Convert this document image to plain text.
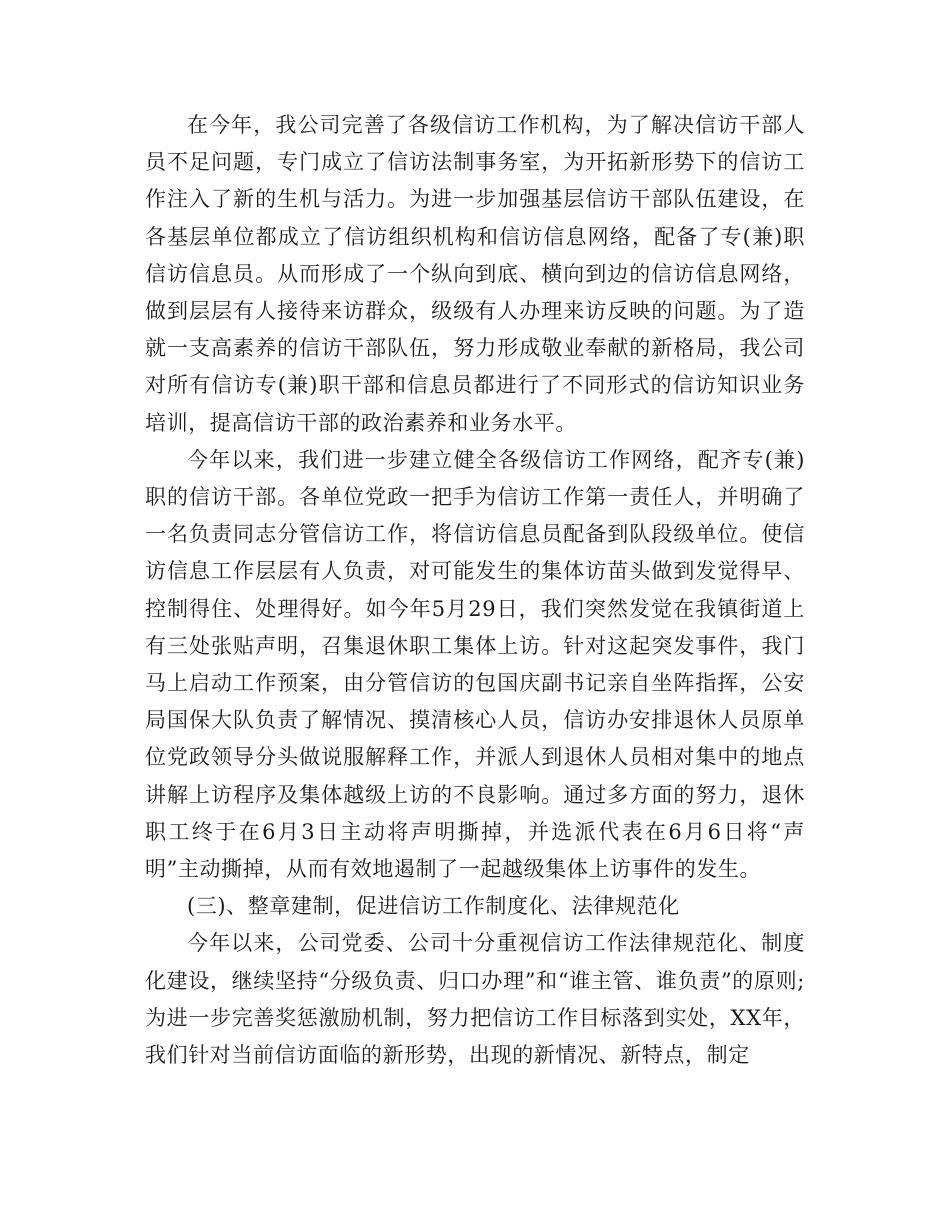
在今年，我公司完善了各级信访工作机构，为了解决信访干部人员不足问题，专门成立了信访法制事务室，为开拓新形势下的信访工作注入了新的生机与活力。为进一步加强基层信访干部队伍建设，在各基层单位都成立了信访组织机构和信访信息网络，配备了专(兼)职信访信息员。从而形成了一个纵向到底、横向到边的信访信息网络，做到层层有人接待来访群众，级级有人办理来访反映的问题。为了造就一支高素养的信访干部队伍，努力形成敬业奉献的新格局，我公司对所有信访专(兼)职干部和信息员都进行了不同形式的信访知识业务培训，提高信访干部的政治素养和业务水平。

今年以来，我们进一步建立健全各级信访工作网络，配齐专(兼)职的信访干部。各单位党政一把手为信访工作第一责任人，并明确了一名负责同志分管信访工作，将信访信息员配备到队段级单位。使信访信息工作层层有人负责，对可能发生的集体访苗头做到发觉得早、控制得住、处理得好。如今年5月29日，我们突然发觉在我镇街道上有三处张贴声明，召集退休职工集体上访。针对这起突发事件，我门马上启动工作预案，由分管信访的包国庆副书记亲自坐阵指挥，公安局国保大队负责了解情况、摸清核心人员，信访办安排退休人员原单位党政领导分头做说服解释工作，并派人到退休人员相对集中的地点讲解上访程序及集体越级上访的不良影响。通过多方面的努力，退休职工终于在6月3日主动将声明撕掉，并选派代表在6月6日将“声明”主动撕掉，从而有效地遏制了一起越级集体上访事件的发生。

(三)、整章建制，促进信访工作制度化、法律规范化

今年以来，公司党委、公司十分重视信访工作法律规范化、制度化建设，继续坚持“分级负责、归口办理”和“谁主管、谁负责”的原则;为进一步完善奖惩激励机制，努力把信访工作目标落到实处，XX年，我们针对当前信访面临的新形势，出现的新情况、新特点，制定
